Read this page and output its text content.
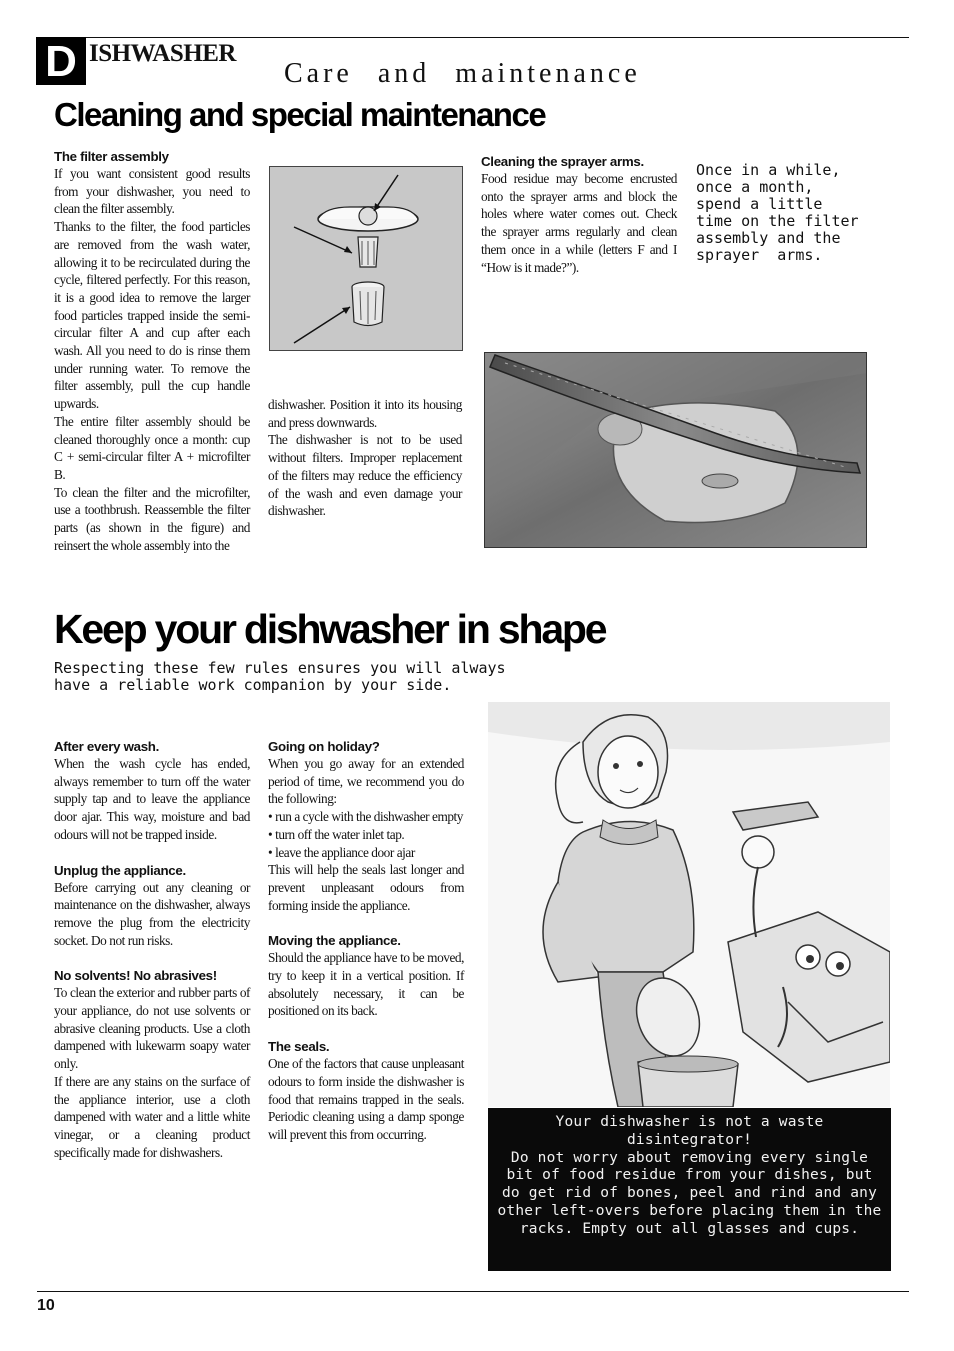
D ISHWASHER
Care and maintenance
Cleaning and special maintenance
The filter assembly

If you want consistent good results from your dishwasher, you need to clean the filter assembly.

Thanks to the filter, the food particles are removed from the wash water, allowing it to be recirculated during the cycle, filtered perfectly. For this reason, it is a good idea to remove the larger food particles trapped inside the semi-circular filter A and cup after each wash. All you need to do is rinse them under running water. To remove the filter assembly, pull the cup handle upwards.

The entire filter assembly should be cleaned thoroughly once a month: cup C + semi-circular filter A + microfilter B.

To clean the filter and the microfilter, use a toothbrush. Reassemble the filter parts (as shown in the figure) and reinsert the whole assembly into the

dishwasher. Position it into its housing and press downwards.

The dishwasher is not to be used without filters. Improper replacement of the filters may reduce the efficiency of the wash and even damage your dishwasher.

Cleaning the sprayer arms.

Food residue may become encrusted onto the sprayer arms and block the holes where water comes out. Check the sprayer arms regularly and clean them once in a while (letters F and I “How is it made?”).

Once in a while,
once a month,
spend a little
time on the filter
assembly and the
sprayer  arms.
Keep your dishwasher in shape
Respecting these few rules ensures you will always
have a reliable work companion by your side.
After every wash.

When the wash cycle has ended, always remember to turn off the water supply tap and to leave the appliance door ajar. This way, moisture and bad odours will not be trapped inside.

Unplug the appliance.

Before carrying out any cleaning or maintenance on the dishwasher, always remove the plug from the electricity socket. Do not run risks.

No solvents! No abrasives!

To clean the exterior and rubber parts of your appliance, do not use solvents or abrasive cleaning products. Use a cloth dampened with lukewarm soapy water only.

If there are any stains on the surface of the appliance interior, use a cloth dampened with water and a little white vinegar, or a cleaning product specifically made for dishwashers.

Going on holiday?

When you go away for an extended period of time, we recommend you do the following:

• run a cycle with the dishwasher empty

• turn off the water inlet tap.

• leave the appliance door ajar

This will help the seals last longer and prevent unpleasant odours from forming inside the appliance.

Moving the appliance.

Should the appliance have to be moved, try to keep it in a vertical position. If absolutely necessary, it can be positioned on its back.

The seals.

One of the factors that cause unpleasant odours to form inside the dishwasher is food that remains trapped in the seals. Periodic cleaning using a damp sponge will prevent this from occurring.

Your dishwasher is not a waste disintegrator!
Do not worry about removing every single bit of food residue from your dishes, but do get rid of bones, peel and rind and any other left-overs before placing them in the racks. Empty out all glasses and cups.
10
